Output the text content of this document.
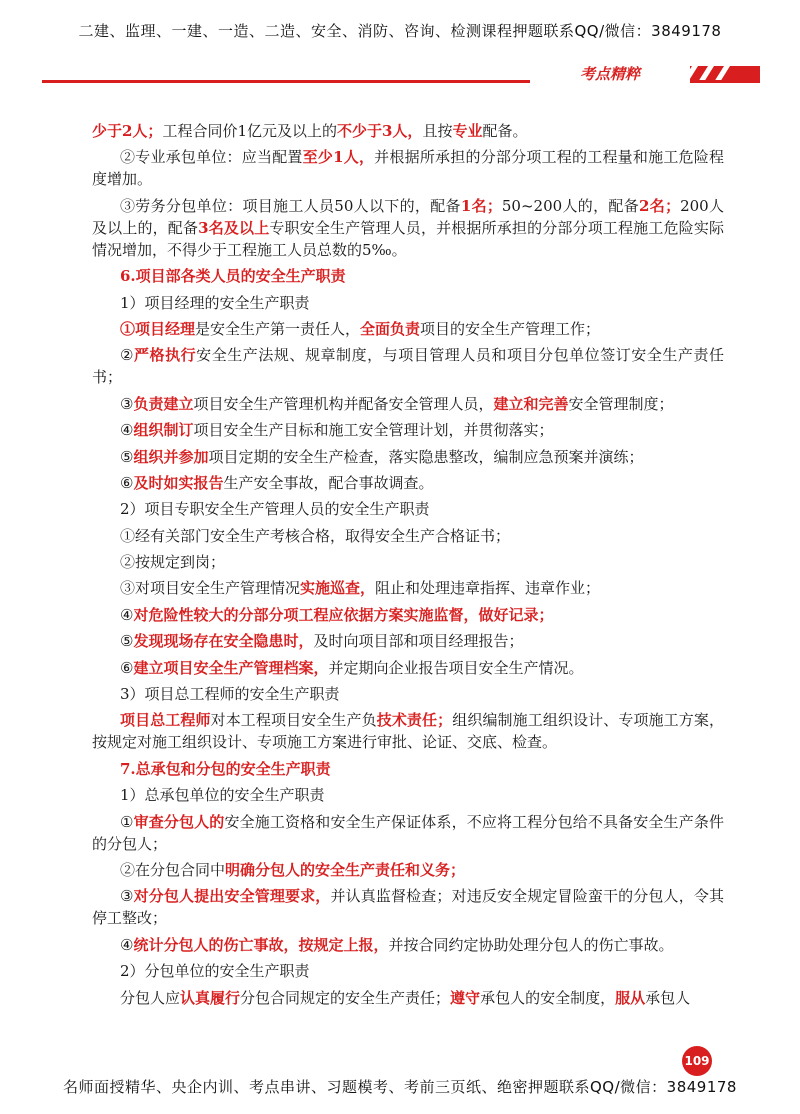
二建、监理、一建、一造、二造、安全、消防、咨询、检测课程押题联系QQ/微信：3849178
考点精粹

少于2人；工程合同价1亿元及以上的不少于3人，且按专业配备。

②专业承包单位：应当配置至少1人，并根据所承担的分部分项工程的工程量和施工危险程度增加。

③劳务分包单位：项目施工人员50人以下的，配备1名；50~200人的，配备2名；200人及以上的，配备3名及以上专职安全生产管理人员，并根据所承担的分部分项工程施工危险实际情况增加，不得少于工程施工人员总数的5‰。

6.项目部各类人员的安全生产职责

1）项目经理的安全生产职责

①项目经理是安全生产第一责任人，全面负责项目的安全生产管理工作；

②严格执行安全生产法规、规章制度，与项目管理人员和项目分包单位签订安全生产责任书；

③负责建立项目安全生产管理机构并配备安全管理人员，建立和完善安全管理制度；

④组织制订项目安全生产目标和施工安全管理计划，并贯彻落实；

⑤组织并参加项目定期的安全生产检查，落实隐患整改，编制应急预案并演练；

⑥及时如实报告生产安全事故，配合事故调查。

2）项目专职安全生产管理人员的安全生产职责

①经有关部门安全生产考核合格，取得安全生产合格证书；

②按规定到岗；

③对项目安全生产管理情况实施巡查，阻止和处理违章指挥、违章作业；

④对危险性较大的分部分项工程应依据方案实施监督，做好记录；

⑤发现现场存在安全隐患时，及时向项目部和项目经理报告；

⑥建立项目安全生产管理档案，并定期向企业报告项目安全生产情况。

3）项目总工程师的安全生产职责

项目总工程师对本工程项目安全生产负技术责任；组织编制施工组织设计、专项施工方案，按规定对施工组织设计、专项施工方案进行审批、论证、交底、检查。

7.总承包和分包的安全生产职责

1）总承包单位的安全生产职责

①审查分包人的安全施工资格和安全生产保证体系，不应将工程分包给不具备安全生产条件的分包人；

②在分包合同中明确分包人的安全生产责任和义务；

③对分包人提出安全管理要求，并认真监督检查；对违反安全规定冒险蛮干的分包人，令其停工整改；

④统计分包人的伤亡事故，按规定上报，并按合同约定协助处理分包人的伤亡事故。

2）分包单位的安全生产职责

分包人应认真履行分包合同规定的安全生产责任；遵守承包人的安全制度，服从承包人

109
名师面授精华、央企内训、考点串讲、习题模考、考前三页纸、绝密押题联系QQ/微信：3849178
